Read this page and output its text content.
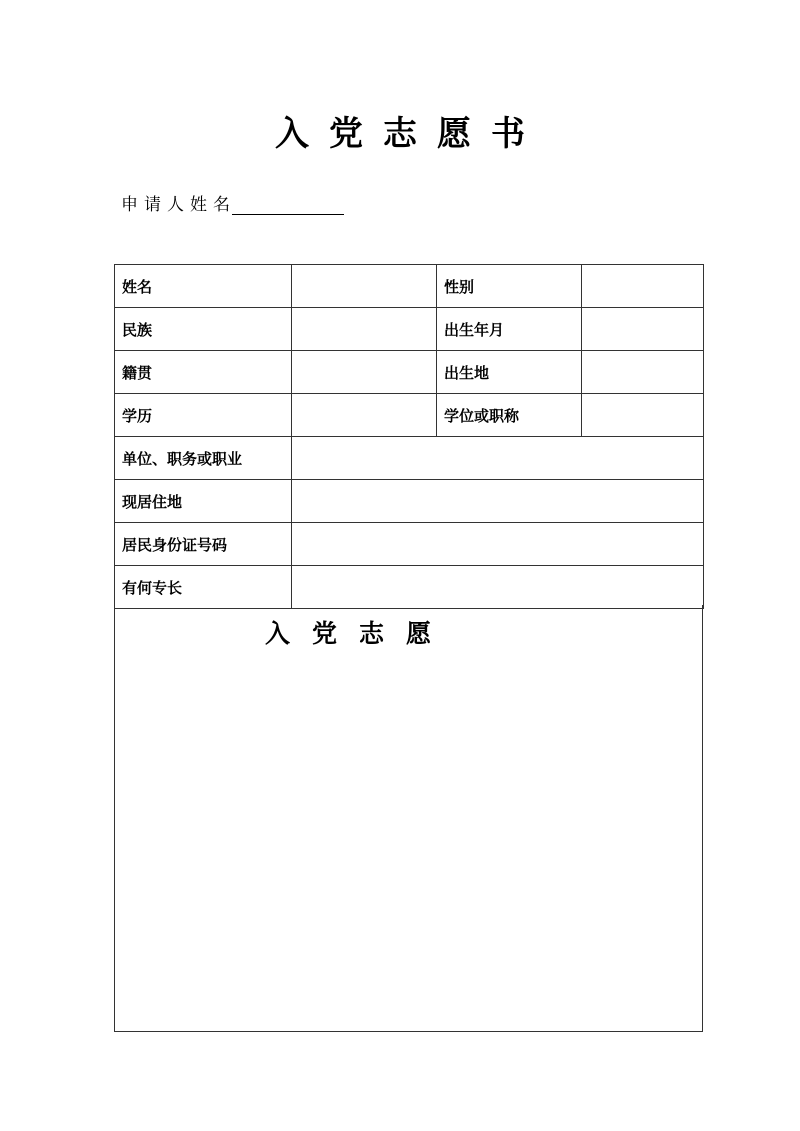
入党志愿书
申请人姓名
姓名		性别	
民族		出生年月	
籍贯		出生地	
学历		学位或职称	
单位、职务或职业			
现居住地			
居民身份证号码			
有何专长			
入党志愿
